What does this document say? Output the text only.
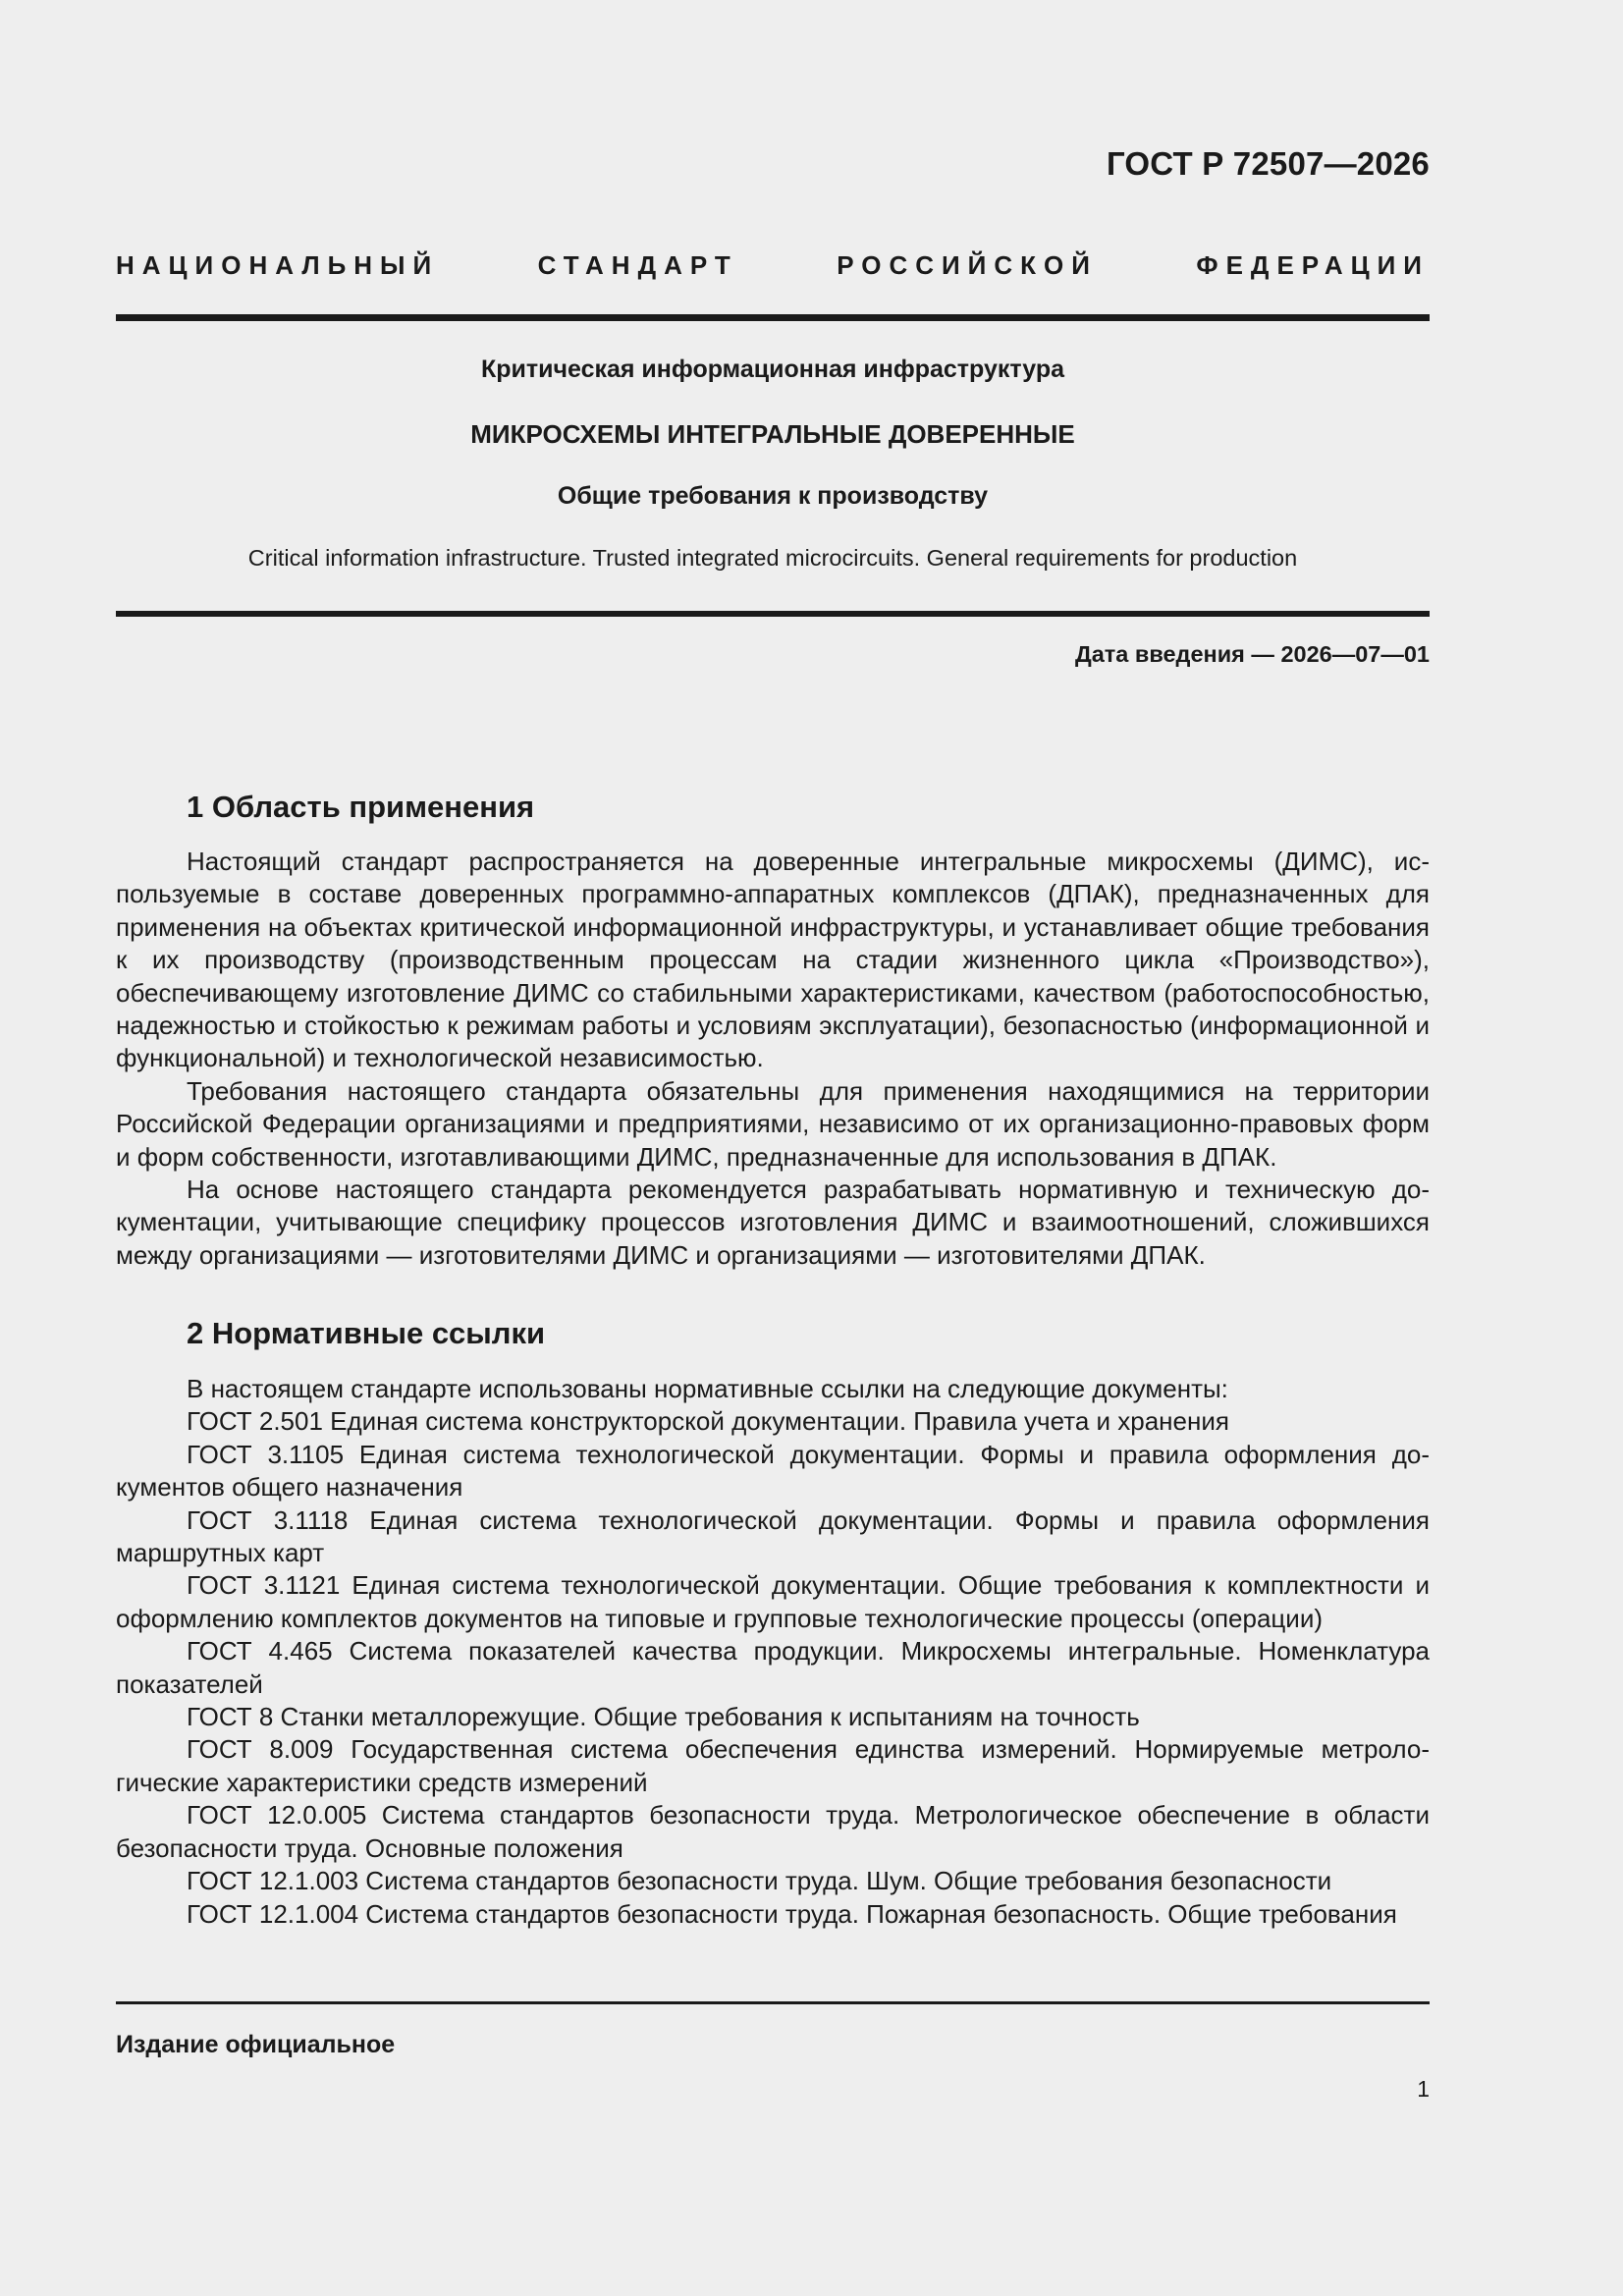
ГОСТ Р 72507—2026
НАЦИОНАЛЬНЫЙ СТАНДАРТ РОССИЙСКОЙ ФЕДЕРАЦИИ
Критическая информационная инфраструктура
МИКРОСХЕМЫ ИНТЕГРАЛЬНЫЕ ДОВЕРЕННЫЕ
Общие требования к производству
Critical information infrastructure. Trusted integrated microcircuits. General requirements for production
Дата введения — 2026—07—01
1 Область применения

Настоящий стандарт распространяется на доверенные интегральные микросхемы (ДИМС), используемые в составе доверенных программно-аппаратных комплексов (ДПАК), предназначенных для применения на объектах критической информационной инфраструктуры, и устанавливает общие требования к их производству (производственным процессам на стадии жизненного цикла «Производство»), обеспечивающему изготовление ДИМС со стабильными характеристиками, качеством (работоспособностью, надежностью и стойкостью к режимам работы и условиям эксплуатации), безопасностью (информационной и функциональной) и технологической независимостью.

Требования настоящего стандарта обязательны для применения находящимися на территории Российской Федерации организациями и предприятиями, независимо от их организационно-правовых форм и форм собственности, изготавливающими ДИМС, предназначенные для использования в ДПАК.

На основе настоящего стандарта рекомендуется разрабатывать нормативную и техническую документации, учитывающие специфику процессов изготовления ДИМС и взаимоотношений, сложившихся между организациями — изготовителями ДИМС и организациями — изготовителями ДПАК.

2 Нормативные ссылки

В настоящем стандарте использованы нормативные ссылки на следующие документы:

ГОСТ 2.501 Единая система конструкторской документации. Правила учета и хранения

ГОСТ 3.1105 Единая система технологической документации. Формы и правила оформления документов общего назначения

ГОСТ 3.1118 Единая система технологической документации. Формы и правила оформления маршрутных карт

ГОСТ 3.1121 Единая система технологической документации. Общие требования к комплектности и оформлению комплектов документов на типовые и групповые технологические процессы (операции)

ГОСТ 4.465 Система показателей качества продукции. Микросхемы интегральные. Номенклатура показателей

ГОСТ 8 Станки металлорежущие. Общие требования к испытаниям на точность

ГОСТ 8.009 Государственная система обеспечения единства измерений. Нормируемые метрологические характеристики средств измерений

ГОСТ 12.0.005 Система стандартов безопасности труда. Метрологическое обеспечение в области безопасности труда. Основные положения

ГОСТ 12.1.003 Система стандартов безопасности труда. Шум. Общие требования безопасности

ГОСТ 12.1.004 Система стандартов безопасности труда. Пожарная безопасность. Общие требования

Издание официальное
1
